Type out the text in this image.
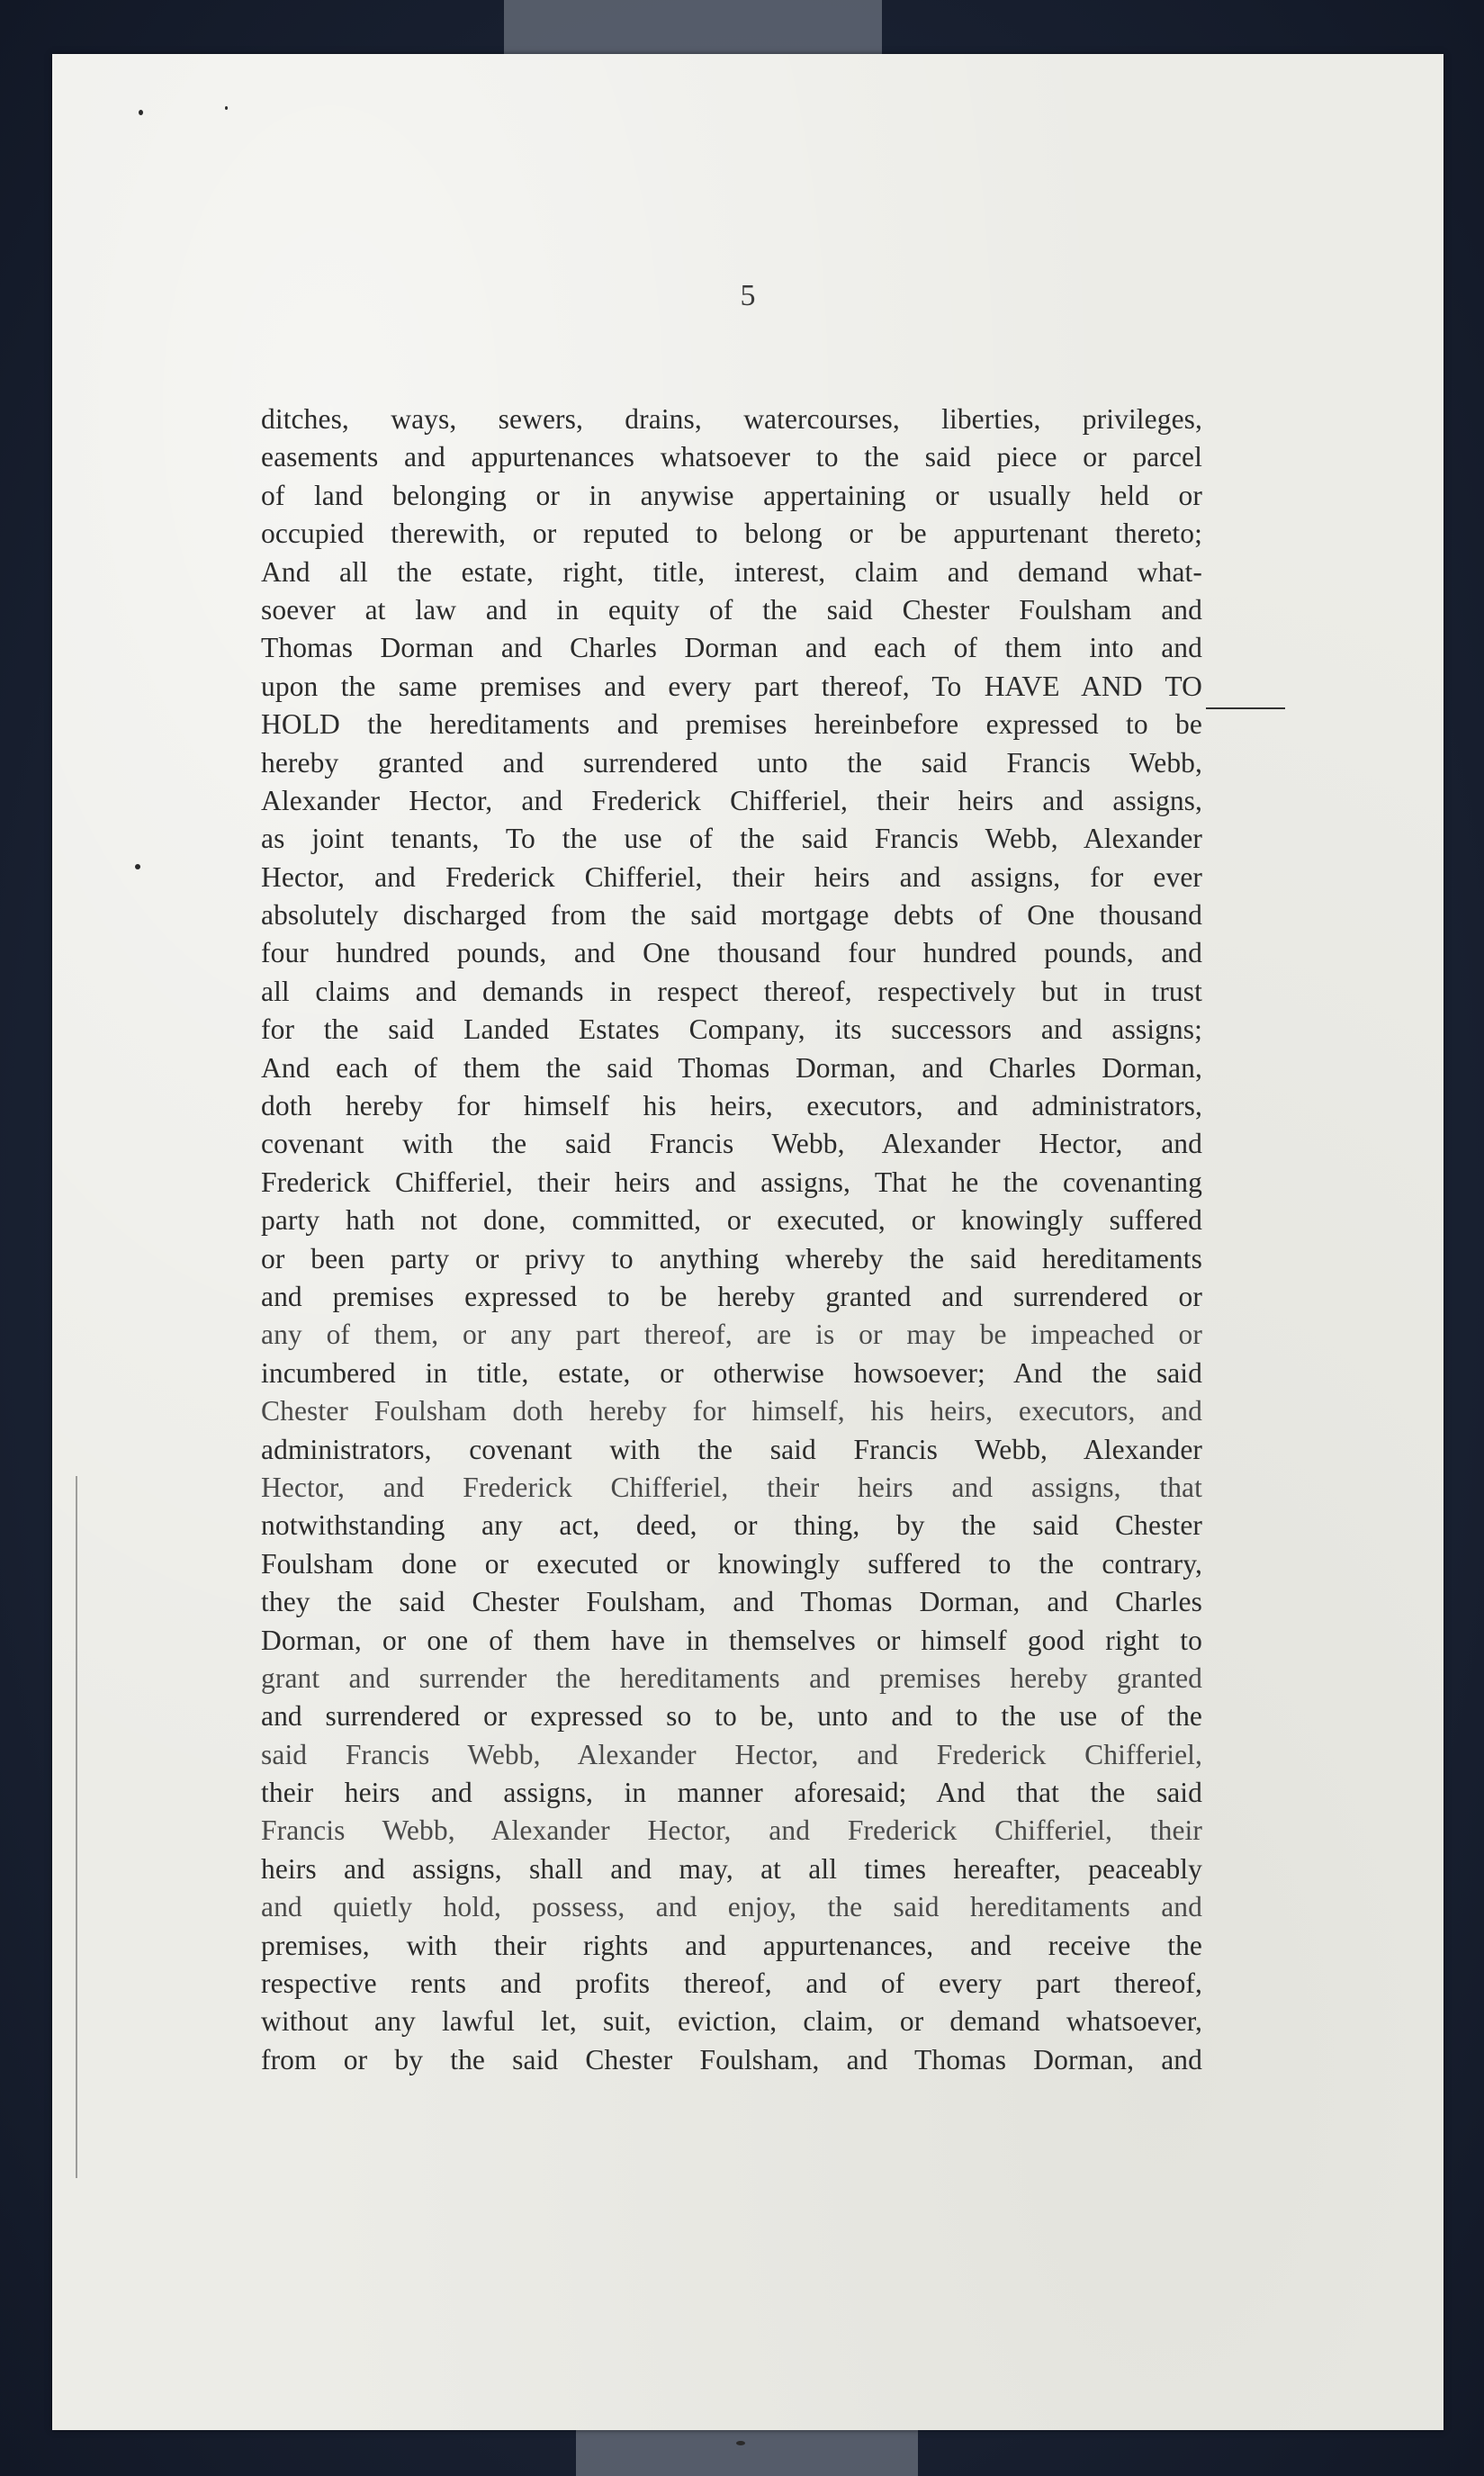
5
ditches, ways, sewers, drains, watercourses, liberties, privileges,
easements and appurtenances whatsoever to the said piece or parcel
of land belonging or in anywise appertaining or usually held or
occupied therewith, or reputed to belong or be appurtenant thereto;
And all the estate, right, title, interest, claim and demand what-
soever at law and in equity of the said Chester Foulsham and
Thomas Dorman and Charles Dorman and each of them into and
upon the same premises and every part thereof, To HAVE AND TO
HOLD the hereditaments and premises hereinbefore expressed to be
hereby granted and surrendered unto the said Francis Webb,
Alexander Hector, and Frederick Chifferiel, their heirs and assigns,
as joint tenants, To the use of the said Francis Webb, Alexander
Hector, and Frederick Chifferiel, their heirs and assigns, for ever
absolutely discharged from the said mortgage debts of One thousand
four hundred pounds, and One thousand four hundred pounds, and
all claims and demands in respect thereof, respectively but in trust
for the said Landed Estates Company, its successors and assigns;
And each of them the said Thomas Dorman, and Charles Dorman,
doth hereby for himself his heirs, executors, and administrators,
covenant with the said Francis Webb, Alexander Hector, and
Frederick Chifferiel, their heirs and assigns, That he the covenanting
party hath not done, committed, or executed, or knowingly suffered
or been party or privy to anything whereby the said hereditaments
and premises expressed to be hereby granted and surrendered or
any of them, or any part thereof, are is or may be impeached or
incumbered in title, estate, or otherwise howsoever; And the said
Chester Foulsham doth hereby for himself, his heirs, executors, and
administrators, covenant with the said Francis Webb, Alexander
Hector, and Frederick Chifferiel, their heirs and assigns, that
notwithstanding any act, deed, or thing, by the said Chester
Foulsham done or executed or knowingly suffered to the contrary,
they the said Chester Foulsham, and Thomas Dorman, and Charles
Dorman, or one of them have in themselves or himself good right to
grant and surrender the hereditaments and premises hereby granted
and surrendered or expressed so to be, unto and to the use of the
said Francis Webb, Alexander Hector, and Frederick Chifferiel,
their heirs and assigns, in manner aforesaid; And that the said
Francis Webb, Alexander Hector, and Frederick Chifferiel, their
heirs and assigns, shall and may, at all times hereafter, peaceably
and quietly hold, possess, and enjoy, the said hereditaments and
premises, with their rights and appurtenances, and receive the
respective rents and profits thereof, and of every part thereof,
without any lawful let, suit, eviction, claim, or demand whatsoever,
from or by the said Chester Foulsham, and Thomas Dorman, and
